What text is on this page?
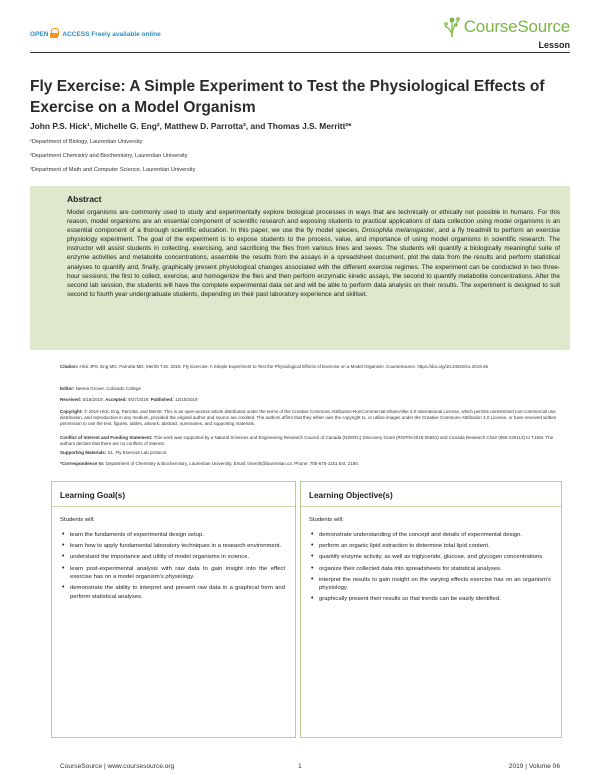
OPEN ACCESS Freely available online	CourseSource
Lesson
Fly Exercise: A Simple Experiment to Test the Physiological Effects of Exercise on a Model Organism
John P.S. Hick¹, Michelle G. Eng², Matthew D. Parrotta³, and Thomas J.S. Merritt²*
¹Department of Biology, Laurentian University
²Department Chemistry and Biochemistry, Laurentian University
³Department of Math and Computer Science, Laurentian University
Abstract
Model organisms are commonly used to study and experimentally explore biological processes in ways that are technically or ethically not possible in humans. For this reason, model organisms are an essential component of scientific research and exposing students to practical applications of data collection using model organisms is an essential component of a thorough scientific education. In this paper, we use the fly model species, Drosophila melanogaster, and a fly treadmill to perform an exercise physiology experiment. The goal of the experiment is to expose students to the process, value, and importance of using model organisms in scientific research. The instructor will assist students in collecting, exercising, and sacrificing the flies from various lines and sexes. The students will quantify a biologically meaningful suite of enzyme activities and metabolite concentrations, assemble the results from the assays in a spreadsheet document, plot the data from the results and perform statistical analyses to quantify and, finally, graphically present physiological changes associated with the different exercise regimes. The experiment can be conducted in two three-hour sessions; the first to collect, exercise, and homogenize the flies and then perform enzymatic kinetic assays, the second to quantify metabolite concentrations. After the second lab session, the students will have the complete experimental data set and will be able to perform data analysis on their results. The experiment is designed to suit second to fourth year undergraduate students, depending on their past laboratory experience and skillset.
Citation: Hick JPS, Eng MG, Parrotta MD, Merritt TJS. 2019. Fly Exercise: A Simple Experiment to Test the Physiological Effects of Exercise on a Model Organism. CourseSource. https://doi.org/10.24918/cs.2019.46
Editor: Neena Grover, Colorado College
Received: 5/16/2019; Accepted: 9/27/2019; Published: 12/10/2019
Copyright: © 2019 Hick, Eng, Parrotta, and Merritt. This is an open-access article distributed under the terms of the Creative Commons Attribution-NonCommercial-ShareAlike 4.0 International License, which permits unrestricted non-commercial use, distribution, and reproduction in any medium, provided the original author and source are credited. The authors affirm that they either own the copyright to, or utilize images under the Creative Commons Attribution 4.0 License, or have received written permission to use the text, figures, tables, artwork, abstract, summaries, and supporting materials.
Conflict of Interest and Funding Statement: This work was supported by a Natural Sciences and Engineering Research Council of Canada (NSERC) Discovery Grant (RGPIN-2018-05551) and Canada Research Chair (950-230113) to TJSM. The authors declare that there are no conflicts of interest.
Supporting Materials: S1. Fly Exercise Lab protocol.
*Correspondence to: Department of Chemistry & Biochemistry, Laurentian University. Email: tmerritt@laurentian.ca. Phone: 705-675-1151 Ext. 2180.
Learning Goal(s)
Students will:
• learn the fundaments of experimental design setup.
• learn how to apply fundamental laboratory techniques in a research environment.
• understand the importance and utility of model organisms in science.
• learn post-experimental analysis with raw data to gain insight into the effect exercise has on a model organism's physiology.
• demonstrate the ability to interpret and present raw data in a graphical form and perform statistical analyses.
Learning Objective(s)
Students will:
• demonstrate understanding of the concept and details of experimental design.
• perform an organic lipid extraction to determine total lipid content.
• quantify enzyme activity, as well as triglyceride, glucose, and glycogen concentrations.
• organize their collected data into spreadsheets for statistical analyses.
• interpret the results to gain insight on the varying effects exercise has on an organism's physiology.
• graphically present their results so that trends can be easily identified.
CourseSource | www.coursesource.org	1	2019 | Volume 06
